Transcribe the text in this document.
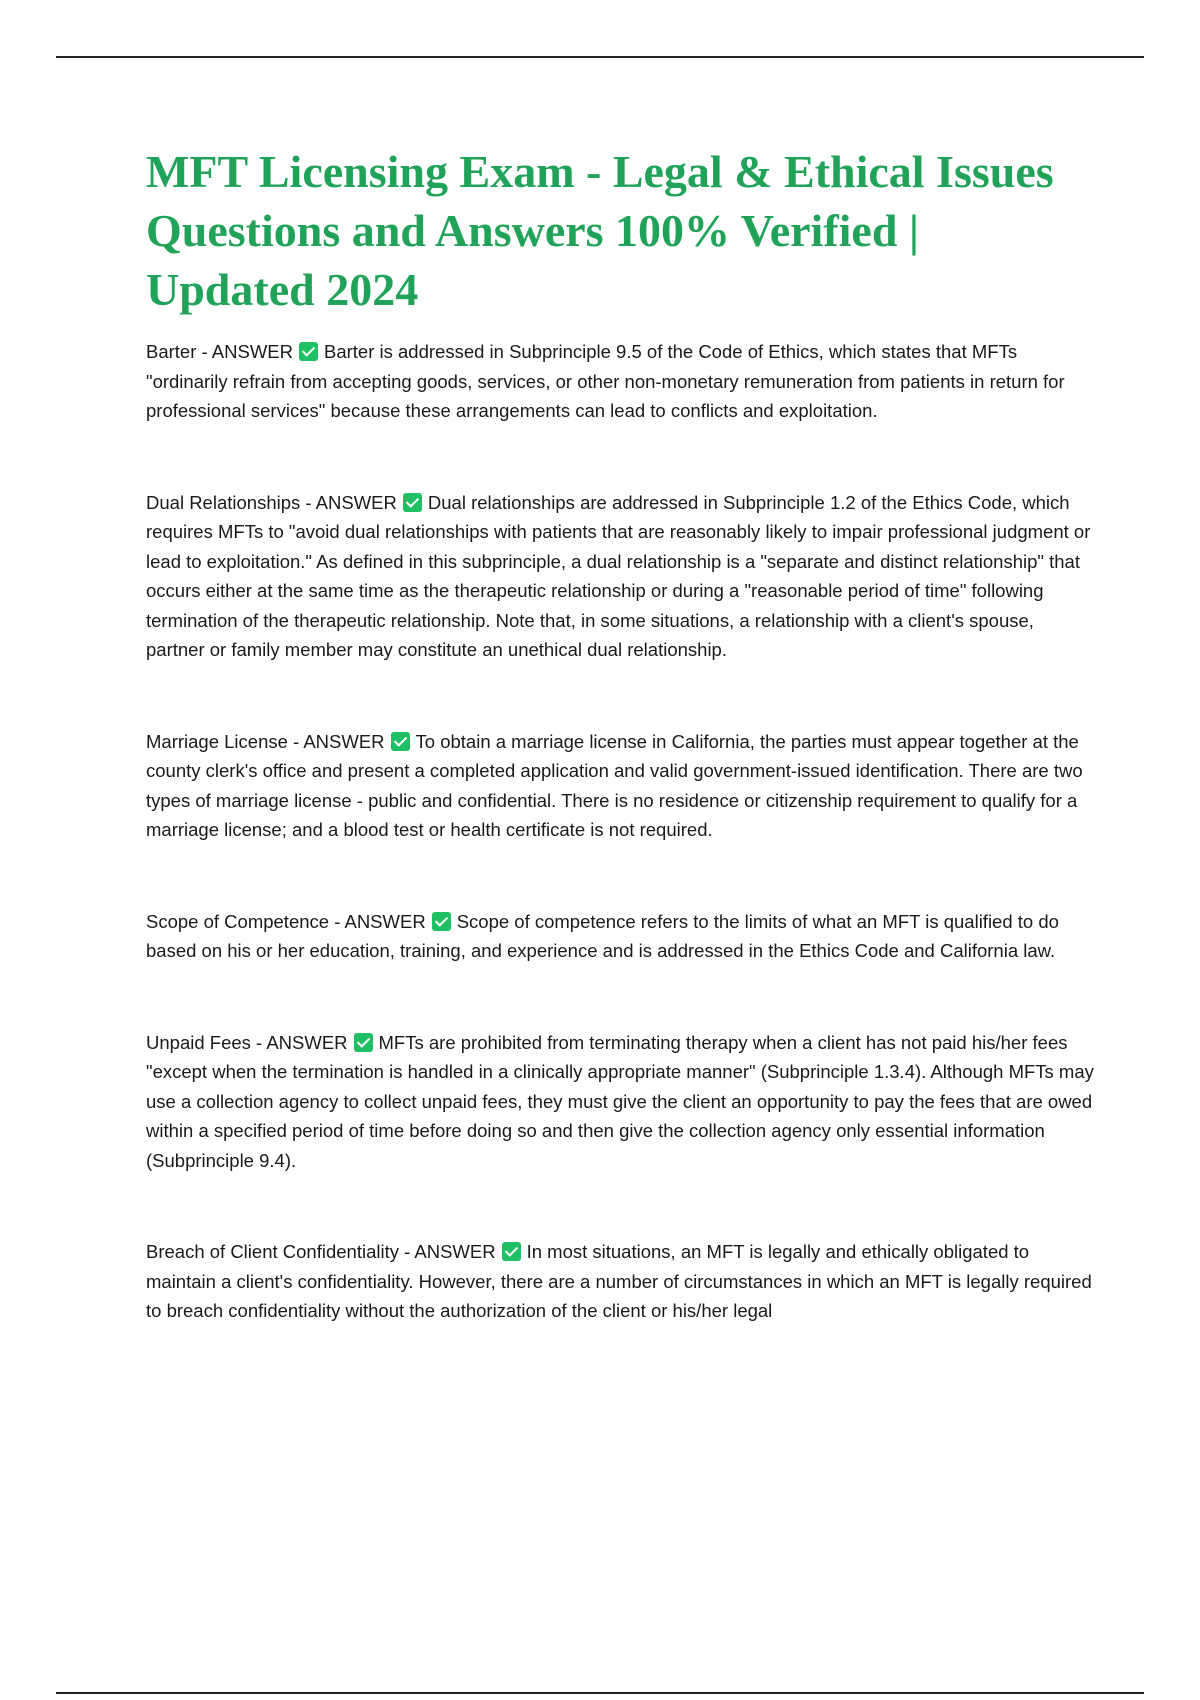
MFT Licensing Exam - Legal & Ethical Issues Questions and Answers 100% Verified | Updated 2024

Barter - ANSWER Barter is addressed in Subprinciple 9.5 of the Code of Ethics, which states that MFTs "ordinarily refrain from accepting goods, services, or other non-monetary remuneration from patients in return for professional services" because these arrangements can lead to conflicts and exploitation.

Dual Relationships - ANSWER Dual relationships are addressed in Subprinciple 1.2 of the Ethics Code, which requires MFTs to "avoid dual relationships with patients that are reasonably likely to impair professional judgment or lead to exploitation." As defined in this subprinciple, a dual relationship is a "separate and distinct relationship" that occurs either at the same time as the therapeutic relationship or during a "reasonable period of time" following termination of the therapeutic relationship. Note that, in some situations, a relationship with a client's spouse, partner or family member may constitute an unethical dual relationship.

Marriage License - ANSWER To obtain a marriage license in California, the parties must appear together at the county clerk's office and present a completed application and valid government-issued identification. There are two types of marriage license - public and confidential. There is no residence or citizenship requirement to qualify for a marriage license; and a blood test or health certificate is not required.

Scope of Competence - ANSWER Scope of competence refers to the limits of what an MFT is qualified to do based on his or her education, training, and experience and is addressed in the Ethics Code and California law.

Unpaid Fees - ANSWER MFTs are prohibited from terminating therapy when a client has not paid his/her fees "except when the termination is handled in a clinically appropriate manner" (Subprinciple 1.3.4). Although MFTs may use a collection agency to collect unpaid fees, they must give the client an opportunity to pay the fees that are owed within a specified period of time before doing so and then give the collection agency only essential information (Subprinciple 9.4).

Breach of Client Confidentiality - ANSWER In most situations, an MFT is legally and ethically obligated to maintain a client's confidentiality. However, there are a number of circumstances in which an MFT is legally required to breach confidentiality without the authorization of the client or his/her legal
